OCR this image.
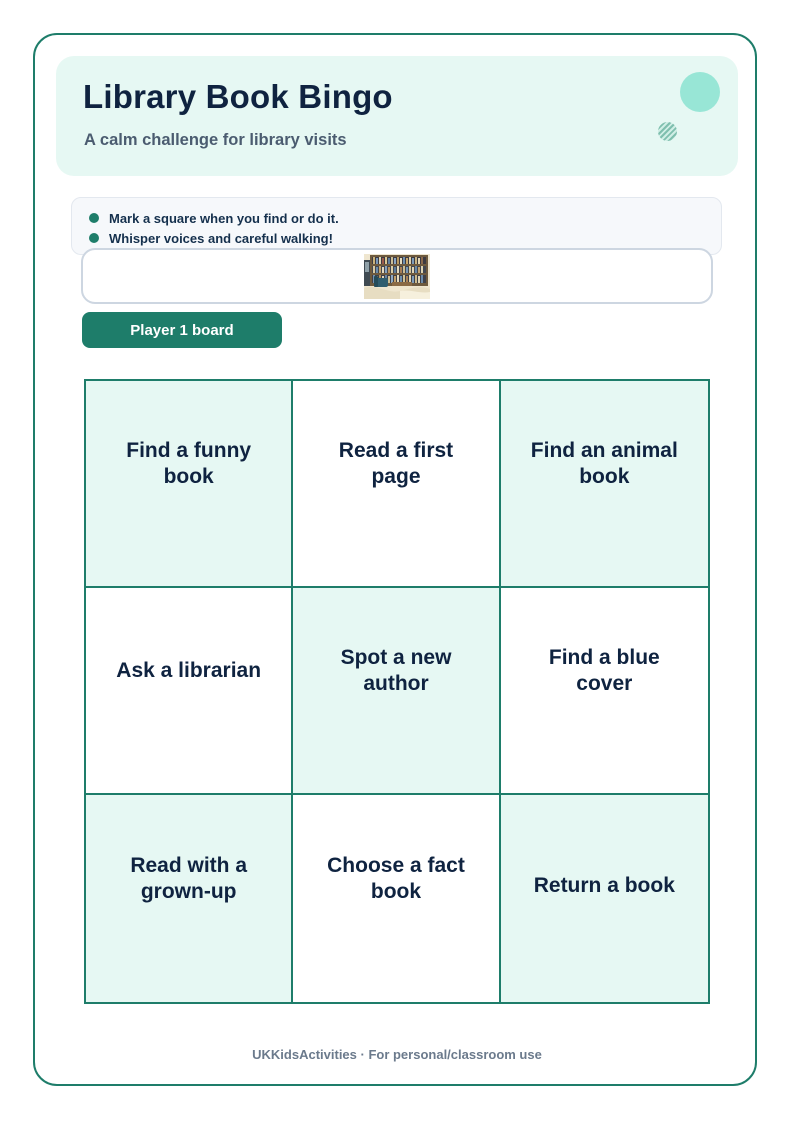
Library Book Bingo

A calm challenge for library visits

Mark a square when you find or do it.
Whisper voices and careful walking!
Player 1 board
Find a funny book
Read a first page
Find an animal book
Ask a librarian
Spot a new author
Find a blue cover
Read with a grown-up
Choose a fact book	Return a book
UKKidsActivities · For personal/classroom use
